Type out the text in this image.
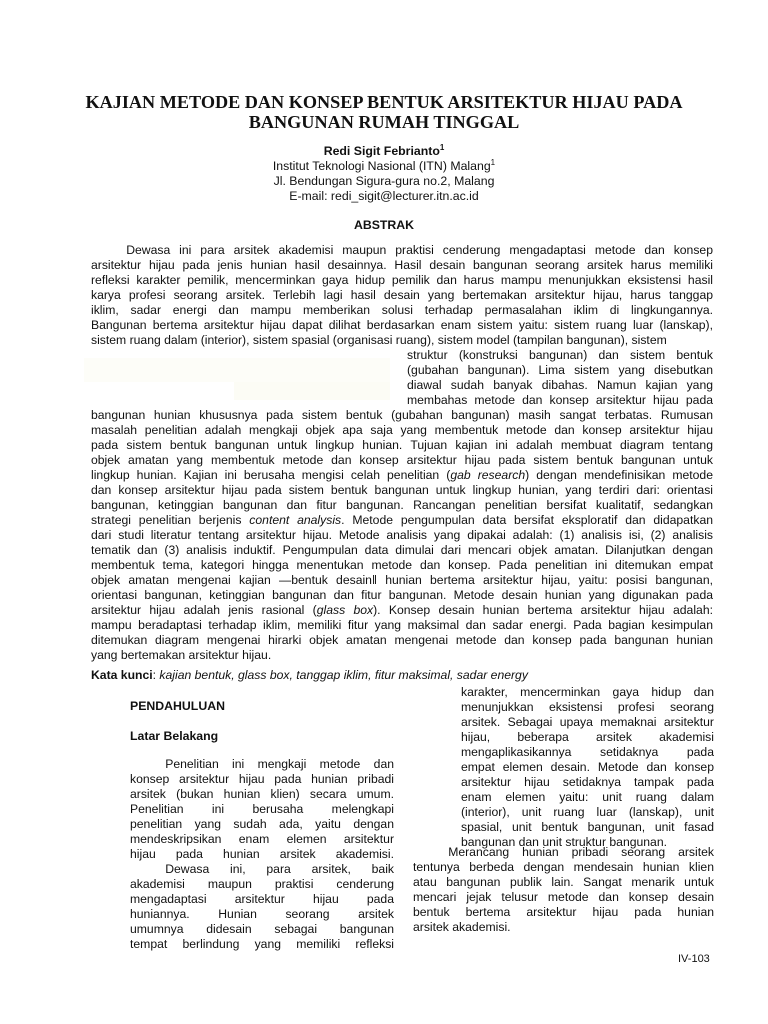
KAJIAN METODE DAN KONSEP BENTUK ARSITEKTUR HIJAU PADA
BANGUNAN RUMAH TINGGAL
Redi Sigit Febrianto$^1$
Institut Teknologi Nasional (ITN) Malang$^1$
Jl. Bendungan Sigura-gura no.2, Malang
E-mail: redi_sigit@lecturer.itn.ac.id
ABSTRAK
Dewasa ini para arsitek akademisi maupun praktisi cenderung mengadaptasi metode dan konsep
arsitektur hijau pada jenis hunian hasil desainnya. Hasil desain bangunan seorang arsitek harus memiliki
refleksi karakter pemilik, mencerminkan gaya hidup pemilik dan harus mampu menunjukkan eksistensi hasil
karya profesi seorang arsitek. Terlebih lagi hasil desain yang bertemakan arsitektur hijau, harus tanggap
iklim, sadar energi dan mampu memberikan solusi terhadap permasalahan iklim di lingkungannya.
Bangunan bertema arsitektur hijau dapat dilihat berdasarkan enam sistem yaitu: sistem ruang luar (lanskap),
sistem ruang dalam (interior), sistem spasial (organisasi ruang), sistem model (tampilan bangunan), sistem
struktur (konstruksi bangunan) dan sistem bentuk
(gubahan bangunan). Lima sistem yang disebutkan
diawal sudah banyak dibahas. Namun kajian yang
membahas metode dan konsep arsitektur hijau pada
bangunan hunian khususnya pada sistem bentuk (gubahan bangunan) masih sangat terbatas. Rumusan
masalah penelitian adalah mengkaji objek apa saja yang membentuk metode dan konsep arsitektur hijau
pada sistem bentuk bangunan untuk lingkup hunian. Tujuan kajian ini adalah membuat diagram tentang
objek amatan yang membentuk metode dan konsep arsitektur hijau pada sistem bentuk bangunan untuk
lingkup hunian. Kajian ini berusaha mengisi celah penelitian (gab research) dengan mendefinisikan metode
dan konsep arsitektur hijau pada sistem bentuk bangunan untuk lingkup hunian, yang terdiri dari: orientasi
bangunan, ketinggian bangunan dan fitur bangunan. Rancangan penelitian bersifat kualitatif, sedangkan
strategi penelitian berjenis content analysis. Metode pengumpulan data bersifat eksploratif dan didapatkan
dari studi literatur tentang arsitektur hijau. Metode analisis yang dipakai adalah: (1) analisis isi, (2) analisis
tematik dan (3) analisis induktif. Pengumpulan data dimulai dari mencari objek amatan. Dilanjutkan dengan
membentuk tema, kategori hingga menentukan metode dan konsep. Pada penelitian ini ditemukan empat
objek amatan mengenai kajian ―bentuk desain‖ hunian bertema arsitektur hijau, yaitu: posisi bangunan,
orientasi bangunan, ketinggian bangunan dan fitur bangunan. Metode desain hunian yang digunakan pada
arsitektur hijau adalah jenis rasional (glass box). Konsep desain hunian bertema arsitektur hijau adalah:
mampu beradaptasi terhadap iklim, memiliki fitur yang maksimal dan sadar energi. Pada bagian kesimpulan
ditemukan diagram mengenai hirarki objek amatan mengenai metode dan konsep pada bangunan hunian
yang bertemakan arsitektur hijau.
Kata kunci: kajian bentuk, glass box, tanggap iklim, fitur maksimal, sadar energy
PENDAHULUAN
Latar Belakang
Penelitian ini mengkaji metode dan
konsep arsitektur hijau pada hunian pribadi
arsitek (bukan hunian klien) secara umum.
Penelitian ini berusaha melengkapi
penelitian yang sudah ada, yaitu dengan
mendeskripsikan enam elemen arsitektur
hijau pada hunian arsitek akademisi.
Dewasa ini, para arsitek, baik
akademisi maupun praktisi cenderung
mengadaptasi arsitektur hijau pada
huniannya. Hunian seorang arsitek
umumnya didesain sebagai bangunan
tempat berlindung yang memiliki refleksi
karakter, mencerminkan gaya hidup dan
menunjukkan eksistensi profesi seorang
arsitek. Sebagai upaya memaknai arsitektur
hijau, beberapa arsitek akademisi
mengaplikasikannya setidaknya pada
empat elemen desain. Metode dan konsep
arsitektur hijau setidaknya tampak pada
enam elemen yaitu: unit ruang dalam
(interior), unit ruang luar (lanskap), unit
spasial, unit bentuk bangunan, unit fasad
bangunan dan unit struktur bangunan.
Merancang hunian pribadi seorang arsitek
tentunya berbeda dengan mendesain hunian klien
atau bangunan publik lain. Sangat menarik untuk
mencari jejak telusur metode dan konsep desain
bentuk bertema arsitektur hijau pada hunian
arsitek akademisi.
IV-103
